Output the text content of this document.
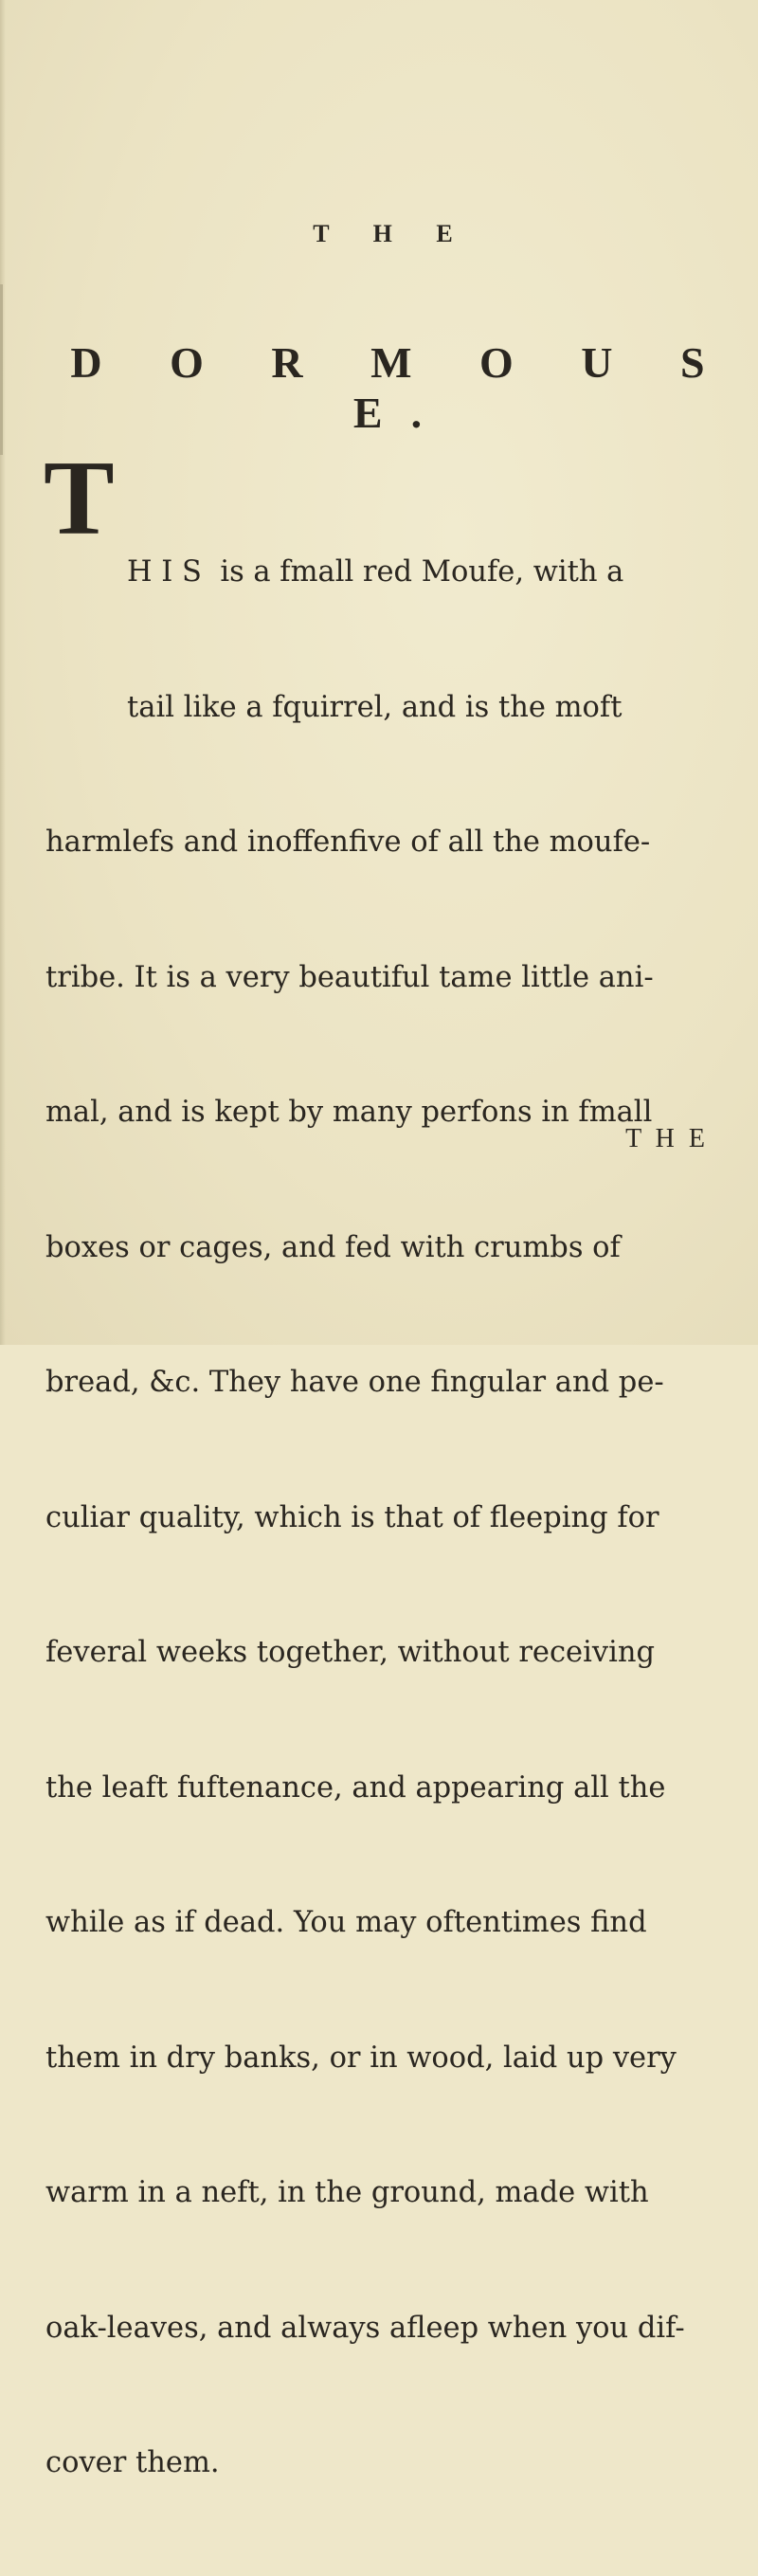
T H E
D O R M O U S E.
T

H I S  is a fmall red Moufe, with a

tail like a fquirrel, and is the moft

harmlefs and inoffenfive of all the moufe-

tribe. It is a very beautiful tame little ani-

mal, and is kept by many perfons in fmall

boxes or cages, and fed with crumbs of

bread, &c. They have one fingular and pe-

culiar quality, which is that of fleeping for

feveral weeks together, without receiving

the leaft fuftenance, and appearing all the

while as if dead. You may oftentimes find

them in dry banks, or in wood, laid up very

warm in a neft, in the ground, made with

oak-leaves, and always afleep when you dif-

cover them.

T H E
